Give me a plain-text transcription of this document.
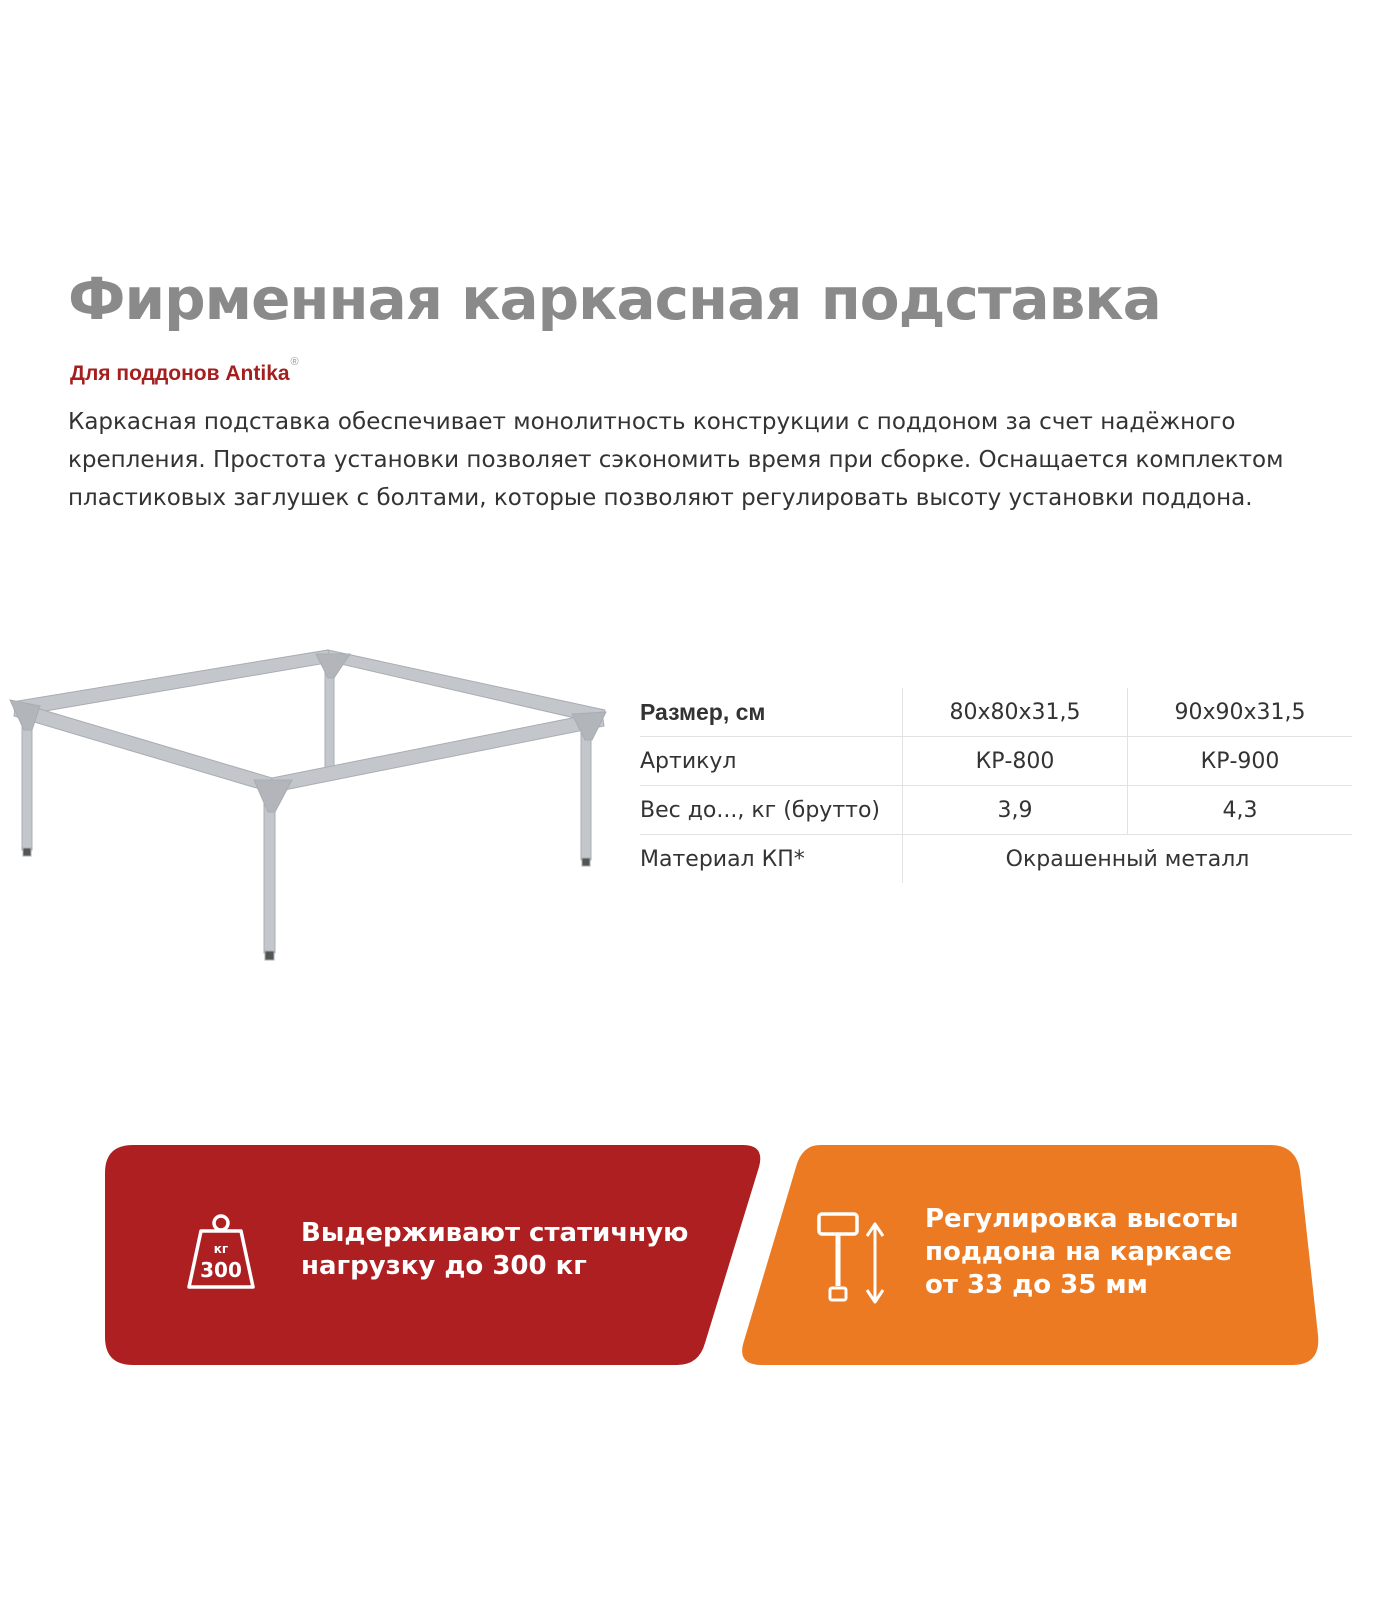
Фирменная каркасная подставка
Для поддонов Antika®

Каркасная подставка обеспечивает монолитность конструкции с поддоном за счет надёжного крепления. Простота установки позволяет сэкономить время при сборке. Оснащается комплектом пластиковых заглушек с болтами, которые позволяют регулировать высоту установки поддона.

Размер, см	80х80х31,5	90х90х31,5
Артикул	КР-800	КР-900
Вес до..., кг (брутто)	3,9	4,3
Материал КП*	Окрашенный металл	
кг
300
Выдерживают статичную
нагрузку до 300 кг
Регулировка высоты
поддона на каркасе
от 33 до 35 мм
